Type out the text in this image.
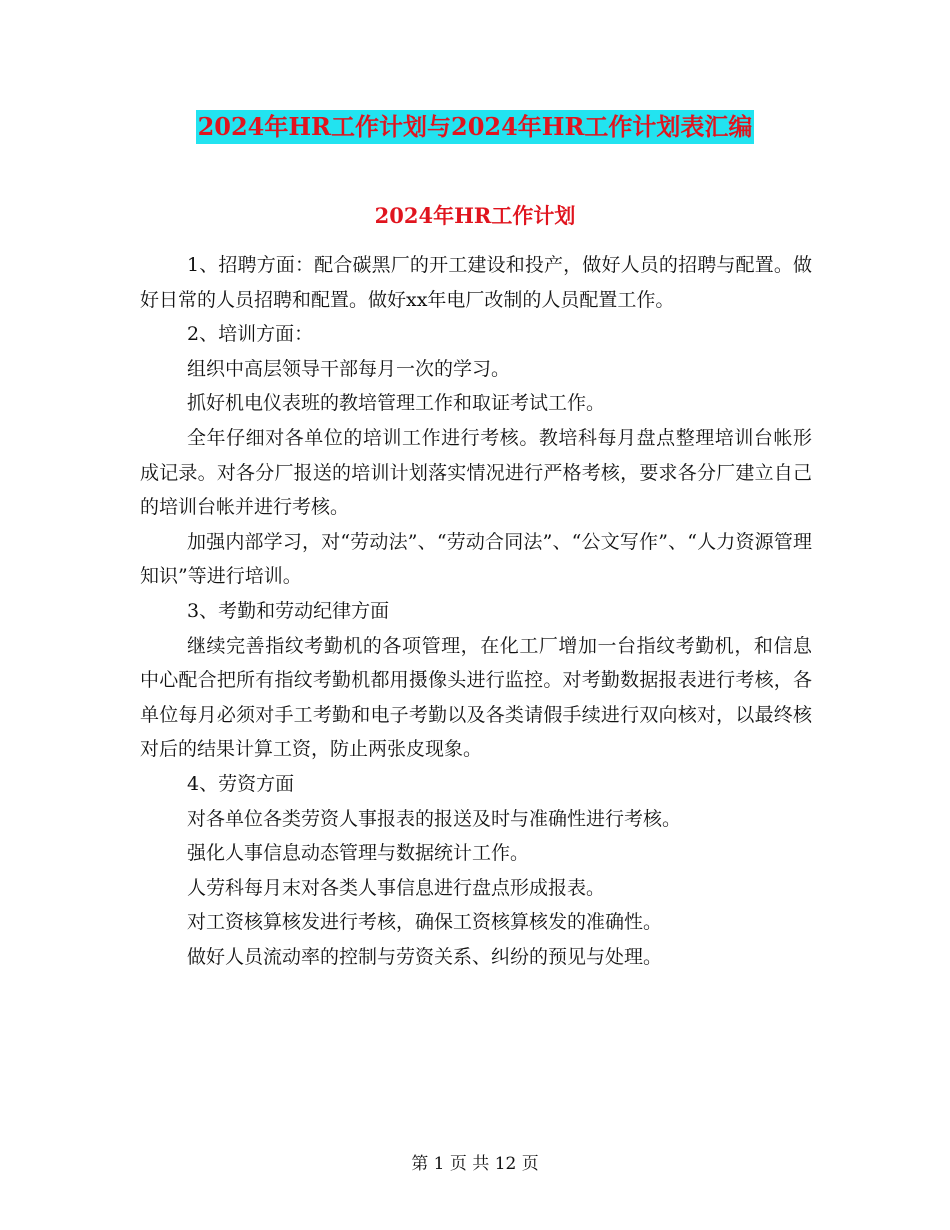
2024年HR工作计划与2024年HR工作计划表汇编
2024年HR工作计划

1、招聘方面：配合碳黑厂的开工建设和投产，做好人员的招聘与配置。做好日常的人员招聘和配置。做好xx年电厂改制的人员配置工作。

2、培训方面：

组织中高层领导干部每月一次的学习。

抓好机电仪表班的教培管理工作和取证考试工作。

全年仔细对各单位的培训工作进行考核。教培科每月盘点整理培训台帐形成记录。对各分厂报送的培训计划落实情况进行严格考核，要求各分厂建立自己的培训台帐并进行考核。

加强内部学习，对“劳动法”、“劳动合同法”、“公文写作”、“人力资源管理知识”等进行培训。

3、考勤和劳动纪律方面

继续完善指纹考勤机的各项管理，在化工厂增加一台指纹考勤机，和信息中心配合把所有指纹考勤机都用摄像头进行监控。对考勤数据报表进行考核，各单位每月必须对手工考勤和电子考勤以及各类请假手续进行双向核对，以最终核对后的结果计算工资，防止两张皮现象。

4、劳资方面

对各单位各类劳资人事报表的报送及时与准确性进行考核。

强化人事信息动态管理与数据统计工作。

人劳科每月末对各类人事信息进行盘点形成报表。

对工资核算核发进行考核，确保工资核算核发的准确性。

做好人员流动率的控制与劳资关系、纠纷的预见与处理。

第 1 页 共 12 页
